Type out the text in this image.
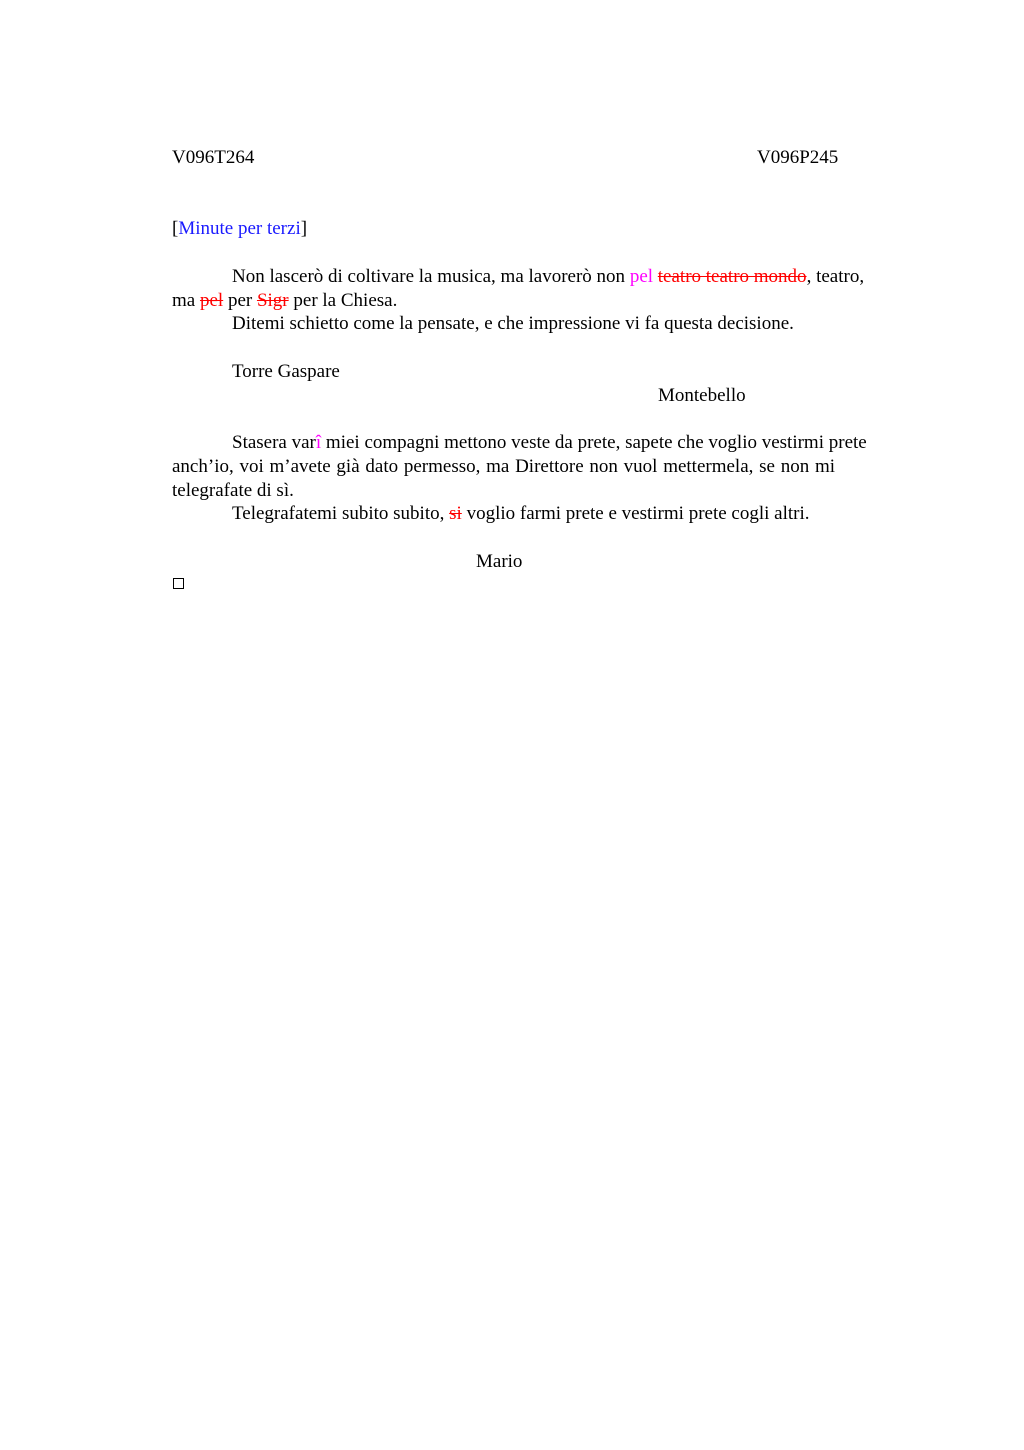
V096T264	V096P245
[Minute per terzi]
Non lascerò di coltivare la musica, ma lavorerò non pel teatro teatro mondo, teatro,
ma pel per Sigr per la Chiesa.
Ditemi schietto come la pensate, e che impressione vi fa questa decisione.
Torre Gaspare
Montebello
Stasera varî miei compagni mettono veste da prete, sapete che voglio vestirmi prete
anch’io, voi m’avete già dato permesso, ma Direttore non vuol mettermela, se non mi
telegrafate di sì.
Telegrafatemi subito subito, si voglio farmi prete e vestirmi prete cogli altri.
Mario
